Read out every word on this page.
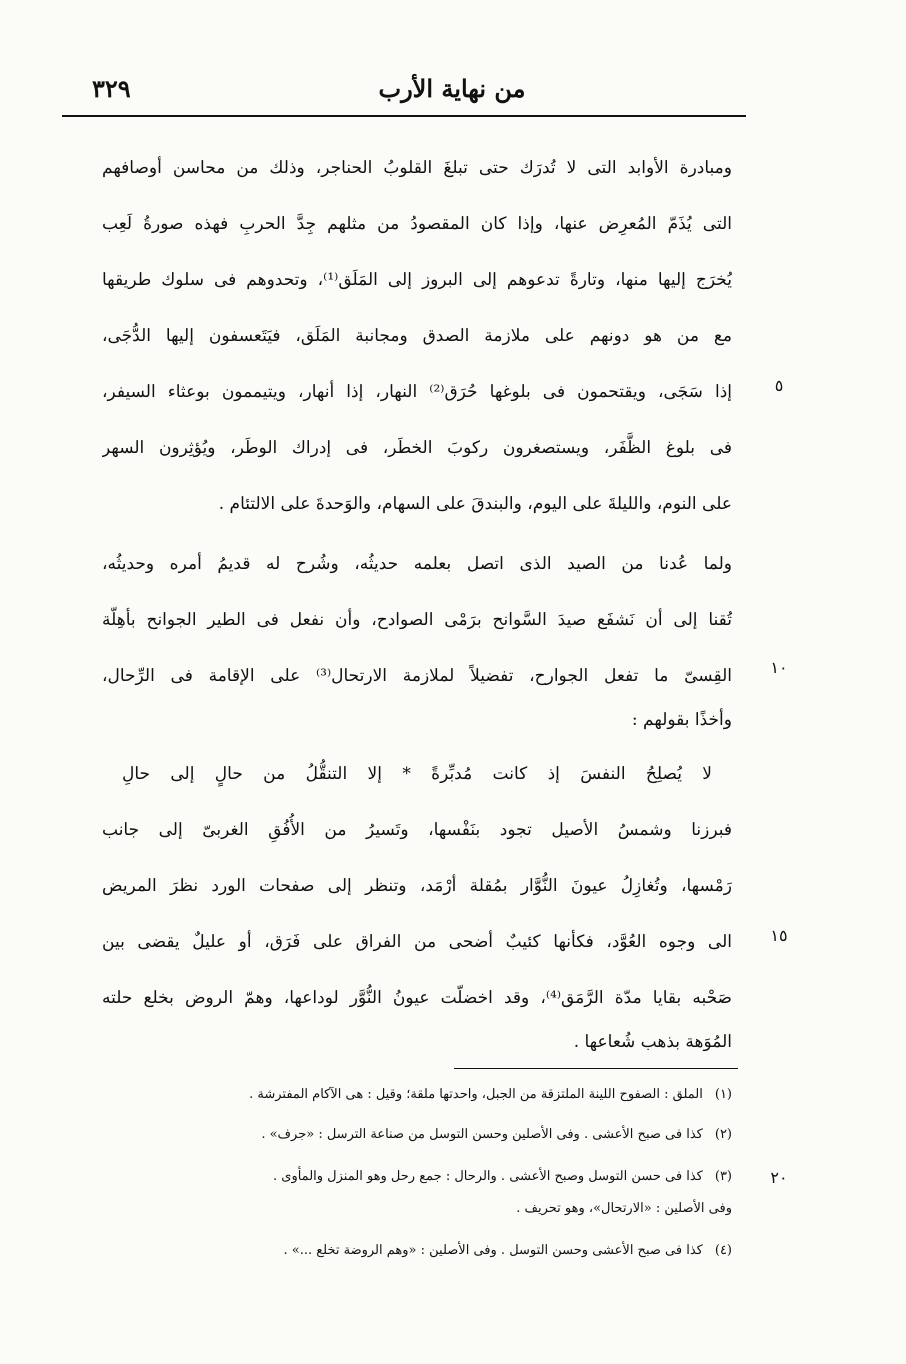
٣٢٩	من نهاية الأرب
ومبادرة الأوابد التى لا تُدرَك حتى تبلغَ القلوبُ الحناجر، وذلك من محاسن أوصافهم
التى يُذَمّ المُعرِض عنها، وإذا كان المقصودُ من مثلهم جِدَّ الحربِ فهذه صورةُ لَعِب
يُخرَج إليها منها، وتارةً تدعوهم إلى البروز إلى المَلَق⁽¹⁾، وتحدوهم فى سلوك طريقها
مع من هو دونهم على ملازمة الصدق ومجانبة المَلَق، فيَتَعسفون إليها الدُّجَى،
إذا سَجَى، ويقتحمون فى بلوغها حُرَق⁽²⁾ النهار، إذا أنهار، ويتيممون بوعثاء السيفر،
فى بلوغ الظَّفَر، ويستصغرون ركوبَ الخطَر، فى إدراك الوطَر، ويُؤثِرون السهر
على النوم، والليلةَ على اليوم، والبندقَ على السهام، والوَحدةَ على الالتئام .
ولما عُدنا من الصيد الذى اتصل بعلمه حديثُه، وشُرح له قديمُ أمره وحديثُه،
تُقنا إلى أن نَشفَع صيدَ السَّوانح برَمْى الصوادح، وأن نفعل فى الطير الجوانح بأهِلّة
القِسىّ ما تفعل الجوارح، تفضيلاً لملازمة الارتحال⁽³⁾ على الإقامة فى الرِّحال،
وأخذًا بقولهم :
لا يُصلِحُ النفسَ إذ كانت مُدبِّرةً * إلا التنقُّلُ من حالٍ إلى حالِ
فبرزنا وشمسُ الأصيل تجود بنَفْسها، وتَسيرُ من الأُفُقِ الغربىّ إلى جانب
رَمْسها، وتُغازِلُ عيونَ النُّوَّار بمُقلة أرْمَد، وتنظر إلى صفحات الورد نظرَ المريض
الى وجوه العُوَّد، فكأنها كئيبٌ أضحى من الفراق على فَرَق، أو عليلٌ يقضى بين
صَحْبه بقايا مدّة الرَّمَق⁽⁴⁾، وقد اخضلّت عيونُ النُّوَّر لوداعها، وهمّ الروض بخلع حلته
المُوَهة بذهب شُعاعها .
٥
١٠
١٥
٢٠
(١)الملق : الصفوح اللينة الملتزقة من الجبل، واحدتها ملقة؛ وقيل : هى الآكام المفترشة .
(٢)كذا فى صبح الأعشى . وفى الأصلين وحسن التوسل من صناعة الترسل : «جرف» .
(٣)كذا فى حسن التوسل وصبح الأعشى . والرحال : جمع رحل وهو المنزل والمأوى .
وفى الأصلين : «الارتحال»، وهو تحريف .
(٤)كذا فى صبح الأعشى وحسن التوسل . وفى الأصلين : «وهم الروضة تخلع ...» .
